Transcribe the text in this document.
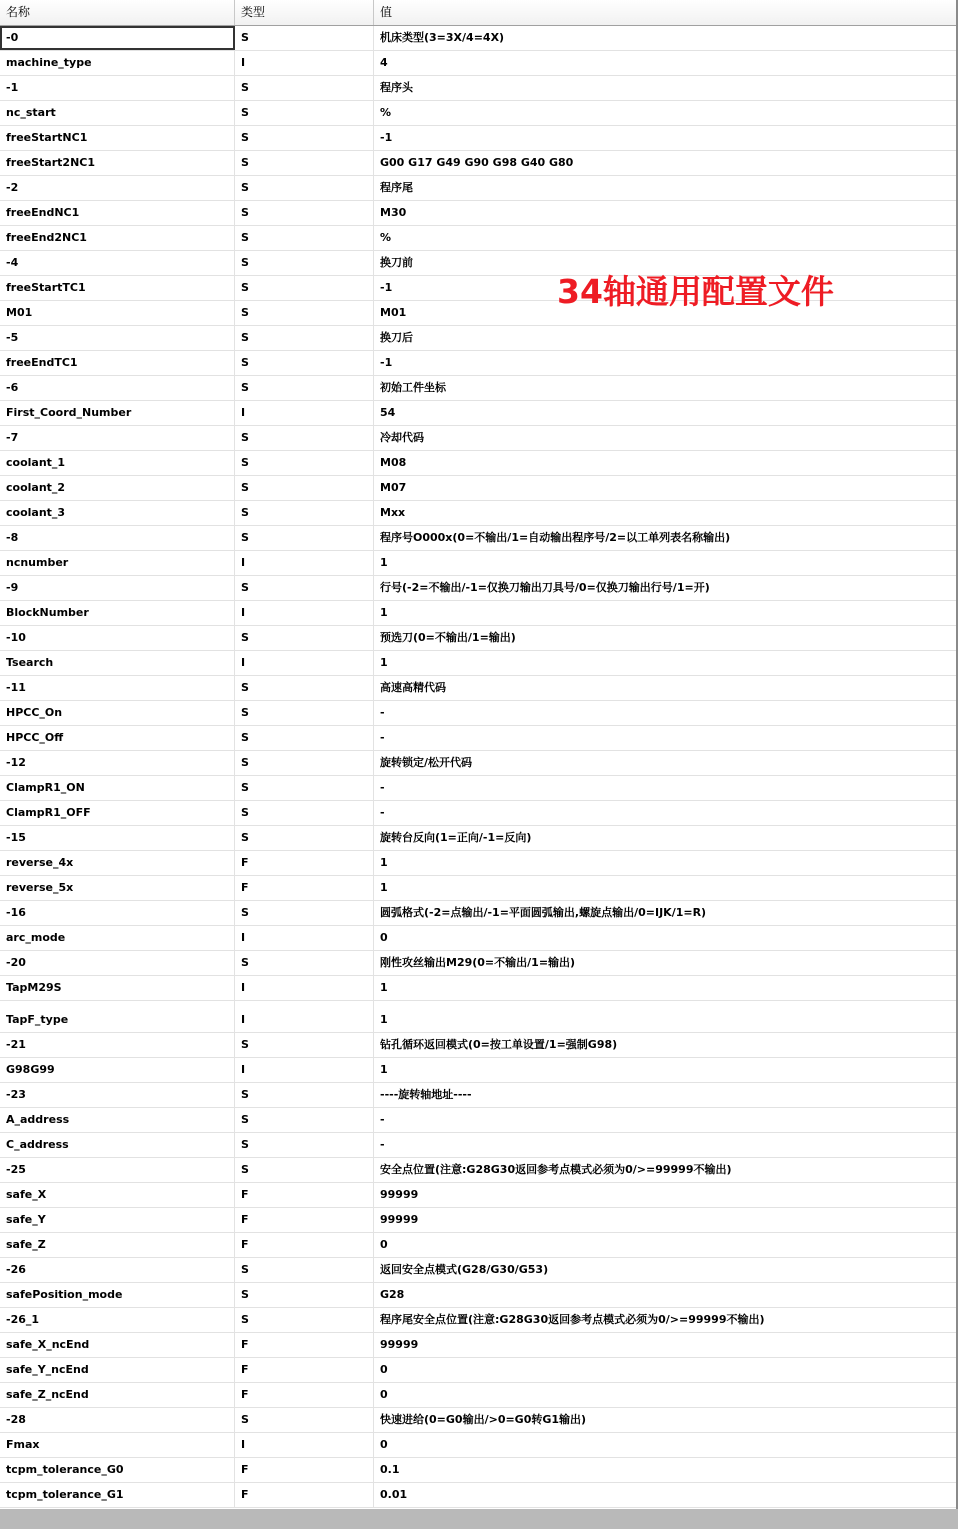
名称	类型	值
-0	S	机床类型(3=3X/4=4X)
machine_type	I	4
-1	S	程序头
nc_start	S	%
freeStartNC1	S	-1
freeStart2NC1	S	G00 G17 G49 G90 G98 G40 G80
-2	S	程序尾
freeEndNC1	S	M30
freeEnd2NC1	S	%
-4	S	换刀前
freeStartTC1	S	-1
M01	S	M01
-5	S	换刀后
freeEndTC1	S	-1
-6	S	初始工件坐标
First_Coord_Number	I	54
-7	S	冷却代码
coolant_1	S	M08
coolant_2	S	M07
coolant_3	S	Mxx
-8	S	程序号O000x(0=不输出/1=自动输出程序号/2=以工单列表名称输出)
ncnumber	I	1
-9	S	行号(-2=不输出/-1=仅换刀输出刀具号/0=仅换刀输出行号/1=开)
BlockNumber	I	1
-10	S	预选刀(0=不输出/1=输出)
Tsearch	I	1
-11	S	高速高精代码
HPCC_On	S	-
HPCC_Off	S	-
-12	S	旋转锁定/松开代码
ClampR1_ON	S	-
ClampR1_OFF	S	-
-15	S	旋转台反向(1=正向/-1=反向)
reverse_4x	F	1
reverse_5x	F	1
-16	S	圆弧格式(-2=点输出/-1=平面圆弧输出,螺旋点输出/0=IJK/1=R)
arc_mode	I	0
-20	S	刚性攻丝输出M29(0=不输出/1=输出)
TapM29S	I	1
TapF_type	I	1
-21	S	钻孔循环返回模式(0=按工单设置/1=强制G98)
G98G99	I	1
-23	S	----旋转轴地址----
A_address	S	-
C_address	S	-
-25	S	安全点位置(注意:G28G30返回参考点模式必须为0/>=99999不输出)
safe_X	F	99999
safe_Y	F	99999
safe_Z	F	0
-26	S	返回安全点模式(G28/G30/G53)
safePosition_mode	S	G28
-26_1	S	程序尾安全点位置(注意:G28G30返回参考点模式必须为0/>=99999不输出)
safe_X_ncEnd	F	99999
safe_Y_ncEnd	F	0
safe_Z_ncEnd	F	0
-28	S	快速进给(0=G0输出/>0=G0转G1输出)
Fmax	I	0
tcpm_tolerance_G0	F	0.1
tcpm_tolerance_G1	F	0.01
34轴通用配置文件
